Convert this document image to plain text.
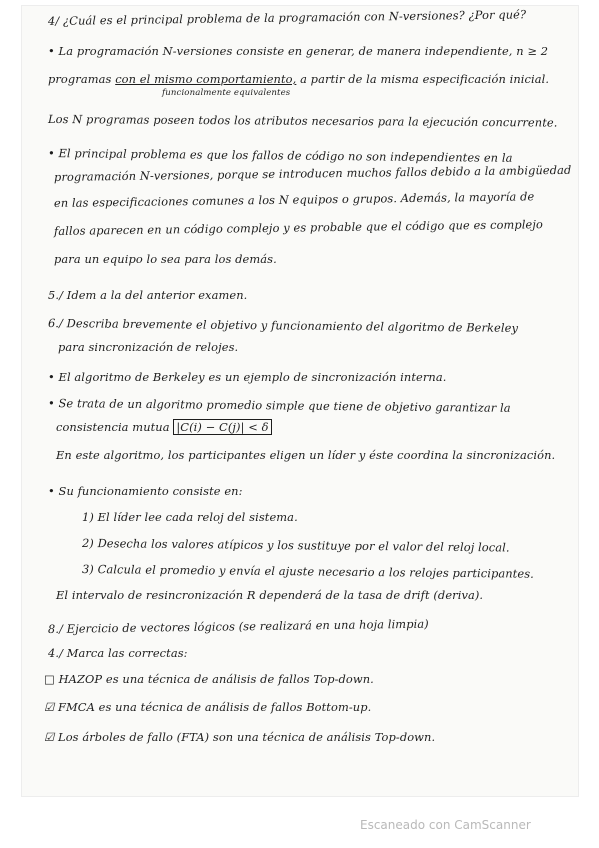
4/ ¿Cuál es el principal problema de la programación con N-versiones? ¿Por qué?
• La programación N-versiones consiste en generar, de manera independiente, n ≥ 2
programas con el mismo comportamiento, a partir de la misma especificación inicial.
funcionalmente equivalentes
Los N programas poseen todos los atributos necesarios para la ejecución concurrente.
• El principal problema es que los fallos de código no son independientes en la
programación N-versiones, porque se introducen muchos fallos debido a la ambigüedad
en las especificaciones comunes a los N equipos o grupos. Además, la mayoría de
fallos aparecen en un código complejo y es probable que el código que es complejo
para un equipo lo sea para los demás.
5./ Idem a la del anterior examen.
6./ Describa brevemente el objetivo y funcionamiento del algoritmo de Berkeley
para sincronización de relojes.
• El algoritmo de Berkeley es un ejemplo de sincronización interna.
• Se trata de un algoritmo promedio simple que tiene de objetivo garantizar la
consistencia mutua |C(i) − C(j)| < δ
En este algoritmo, los participantes eligen un líder y éste coordina la sincronización.
• Su funcionamiento consiste en:
1) El líder lee cada reloj del sistema.
2) Desecha los valores atípicos y los sustituye por el valor del reloj local.
3) Calcula el promedio y envía el ajuste necesario a los relojes participantes.
El intervalo de resincronización R dependerá de la tasa de drift (deriva).
8./ Ejercicio de vectores lógicos (se realizará en una hoja limpia)
4./ Marca las correctas:
□ HAZOP es una técnica de análisis de fallos Top-down.
☑ FMCA es una técnica de análisis de fallos Bottom-up.
☑ Los árboles de fallo (FTA) son una técnica de análisis Top-down.
Escaneado con CamScanner
